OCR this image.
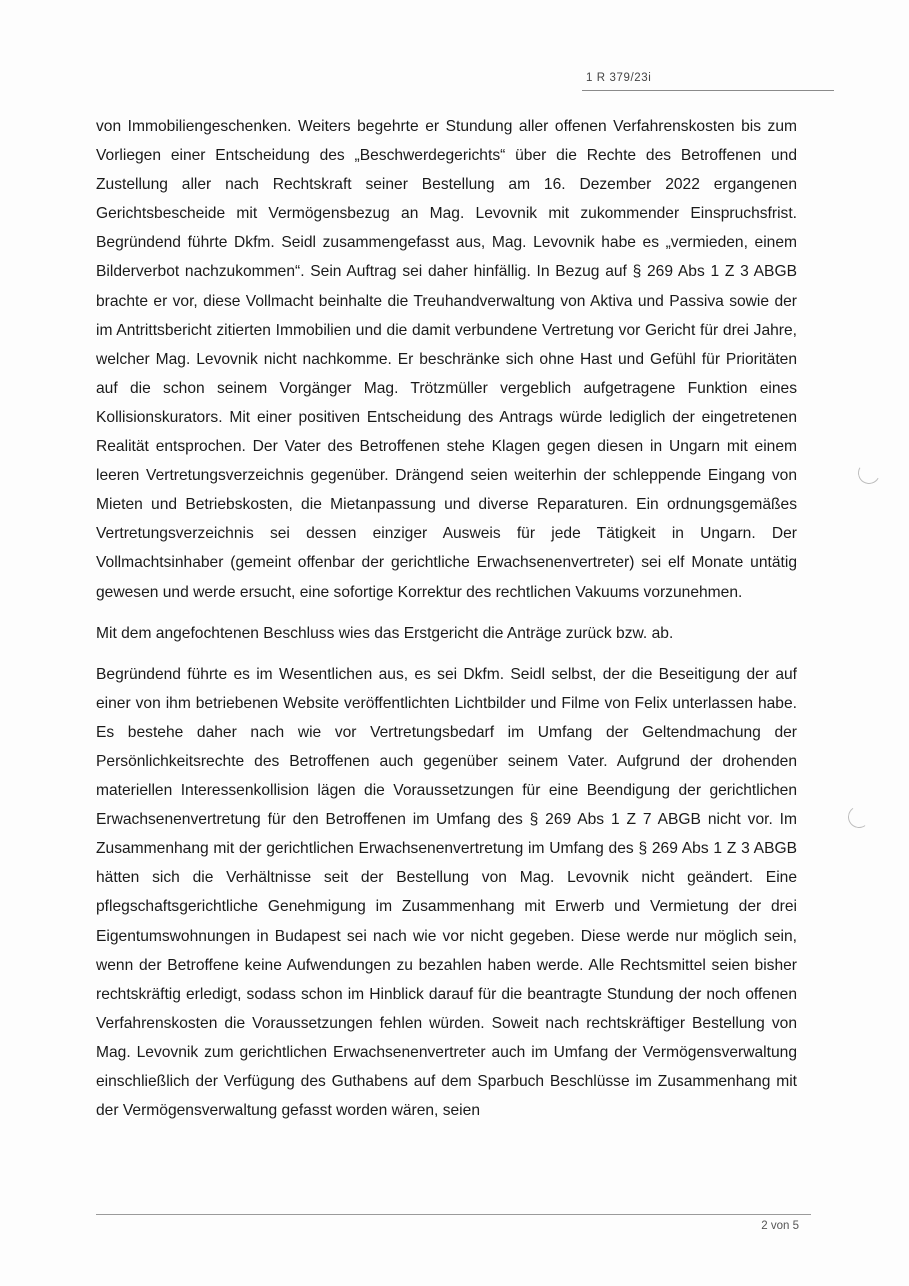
1 R 379/23i

von Immobiliengeschenken. Weiters begehrte er Stundung aller offenen Verfahrenskosten bis zum Vorliegen einer Entscheidung des „Beschwerdegerichts“ über die Rechte des Betroffenen und Zustellung aller nach Rechtskraft seiner Bestellung am 16. Dezember 2022 ergangenen Gerichtsbescheide mit Vermögensbezug an Mag. Levovnik mit zukommender Einspruchsfrist. Begründend führte Dkfm. Seidl zusammengefasst aus, Mag. Levovnik habe es „vermieden, einem Bilderverbot nachzukommen“. Sein Auftrag sei daher hinfällig. In Bezug auf § 269 Abs 1 Z 3 ABGB brachte er vor, diese Vollmacht beinhalte die Treuhandverwaltung von Aktiva und Passiva sowie der im Antrittsbericht zitierten Immobilien und die damit verbundene Vertretung vor Gericht für drei Jahre, welcher Mag. Levovnik nicht nachkomme. Er beschränke sich ohne Hast und Gefühl für Prioritäten auf die schon seinem Vorgänger Mag. Trötzmüller vergeblich aufgetragene Funktion eines Kollisionskurators. Mit einer positiven Entscheidung des Antrags würde lediglich der eingetretenen Realität entsprochen. Der Vater des Betroffenen stehe Klagen gegen diesen in Ungarn mit einem leeren Vertretungsverzeichnis gegenüber. Drängend seien weiterhin der schleppende Eingang von Mieten und Betriebskosten, die Mietanpassung und diverse Reparaturen. Ein ordnungsgemäßes Vertretungsverzeichnis sei dessen einziger Ausweis für jede Tätigkeit in Ungarn. Der Vollmachtsinhaber (gemeint offenbar der gerichtliche Erwachsenenvertreter) sei elf Monate untätig gewesen und werde ersucht, eine sofortige Korrektur des rechtlichen Vakuums vorzunehmen.

Mit dem angefochtenen Beschluss wies das Erstgericht die Anträge zurück bzw. ab.

Begründend führte es im Wesentlichen aus, es sei Dkfm. Seidl selbst, der die Beseitigung der auf einer von ihm betriebenen Website veröffentlichten Lichtbilder und Filme von Felix unterlassen habe. Es bestehe daher nach wie vor Vertretungsbedarf im Umfang der Geltendmachung der Persönlichkeitsrechte des Betroffenen auch gegenüber seinem Vater. Aufgrund der drohenden materiellen Interessenkollision lägen die Voraussetzungen für eine Beendigung der gerichtlichen Erwachsenenvertretung für den Betroffenen im Umfang des § 269 Abs 1 Z 7 ABGB nicht vor. Im Zusammenhang mit der gerichtlichen Erwachsenenvertretung im Umfang des § 269 Abs 1 Z 3 ABGB hätten sich die Verhältnisse seit der Bestellung von Mag. Levovnik nicht geändert. Eine pflegschaftsgerichtliche Genehmigung im Zusammenhang mit Erwerb und Vermietung der drei Eigentumswohnungen in Budapest sei nach wie vor nicht gegeben. Diese werde nur möglich sein, wenn der Betroffene keine Aufwendungen zu bezahlen haben werde. Alle Rechtsmittel seien bisher rechtskräftig erledigt, sodass schon im Hinblick darauf für die beantragte Stundung der noch offenen Verfahrenskosten die Voraussetzungen fehlen würden. Soweit nach rechtskräftiger Bestellung von Mag. Levovnik zum gerichtlichen Erwachsenenvertreter auch im Umfang der Vermögensverwaltung einschließlich der Verfügung des Guthabens auf dem Sparbuch Beschlüsse im Zusammenhang mit der Vermögensverwaltung gefasst worden wären, seien

2 von 5
